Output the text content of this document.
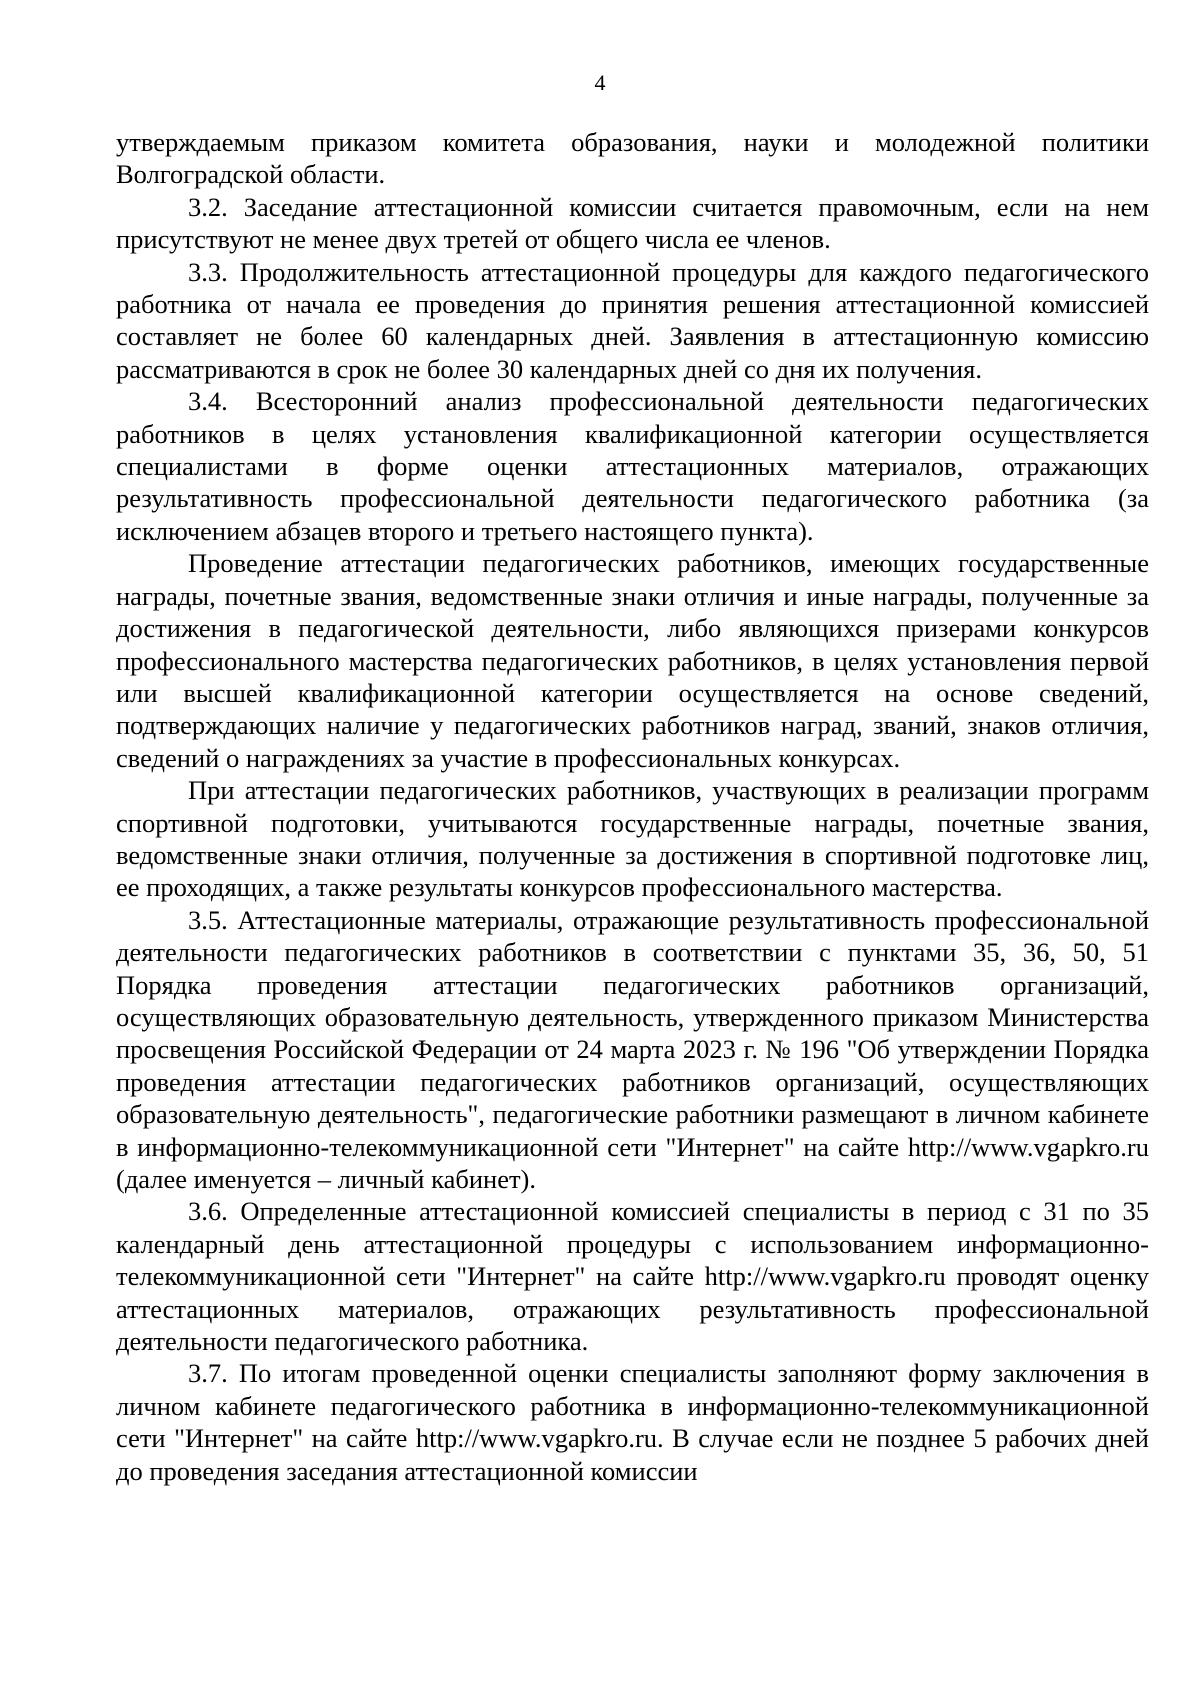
4

утверждаемым приказом комитета образования, науки и молодежной политики Волгоградской области.

3.2. Заседание аттестационной комиссии считается правомочным, если на нем присутствуют не менее двух третей от общего числа ее членов.

3.3. Продолжительность аттестационной процедуры для каждого педагогического работника от начала ее проведения до принятия решения аттестационной комиссией составляет не более 60 календарных дней. Заявления в аттестационную комиссию рассматриваются в срок не более 30 календарных дней со дня их получения.

3.4. Всесторонний анализ профессиональной деятельности педагогических работников в целях установления квалификационной категории осуществляется специалистами в форме оценки аттестационных материалов, отражающих результативность профессиональной деятельности педагогического работника (за исключением абзацев второго и третьего настоящего пункта).

Проведение аттестации педагогических работников, имеющих государственные награды, почетные звания, ведомственные знаки отличия и иные награды, полученные за достижения в педагогической деятельности, либо являющихся призерами конкурсов профессионального мастерства педагогических работников, в целях установления первой или высшей квалификационной категории осуществляется на основе сведений, подтверждающих наличие у педагогических работников наград, званий, знаков отличия, сведений о награждениях за участие в профессиональных конкурсах.

При аттестации педагогических работников, участвующих в реализации программ спортивной подготовки, учитываются государственные награды, почетные звания, ведомственные знаки отличия, полученные за достижения в спортивной подготовке лиц, ее проходящих, а также результаты конкурсов профессионального мастерства.

3.5. Аттестационные материалы, отражающие результативность профессиональной деятельности педагогических работников в соответствии с пунктами 35, 36, 50, 51 Порядка проведения аттестации педагогических работников организаций, осуществляющих образовательную деятельность, утвержденного приказом Министерства просвещения Российской Федерации от 24 марта 2023 г. № 196 "Об утверждении Порядка проведения аттестации педагогических работников организаций, осуществляющих образовательную деятельность", педагогические работники размещают в личном кабинете в информационно-телекоммуникационной сети "Интернет" на сайте http://www.vgapkro.ru (далее именуется – личный кабинет).

3.6. Определенные аттестационной комиссией специалисты в период с 31 по 35 календарный день аттестационной процедуры с использованием информационно-телекоммуникационной сети "Интернет" на сайте http://www.vgapkro.ru проводят оценку аттестационных материалов, отражающих результативность профессиональной деятельности педагогического работника.

3.7. По итогам проведенной оценки специалисты заполняют форму заключения в личном кабинете педагогического работника в информационно-телекоммуникационной сети "Интернет" на сайте http://www.vgapkro.ru. В случае если не позднее 5 рабочих дней до проведения заседания аттестационной комиссии
